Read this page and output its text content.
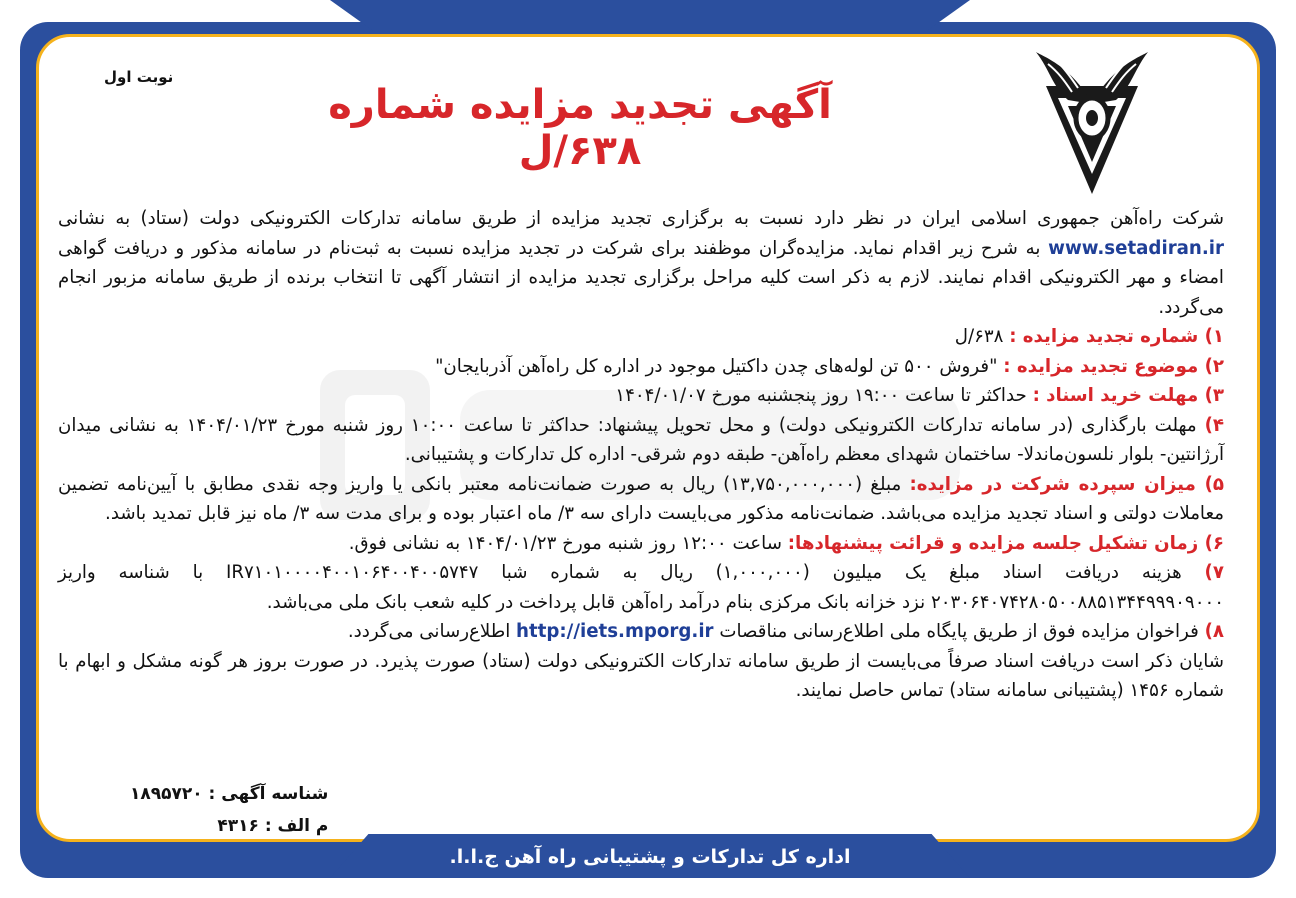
نوبت اول
آگهی تجدید مزایده شماره ۶۳۸/ل

شرکت راه‌آهن جمهوری اسلامی ایران در نظر دارد نسبت به برگزاری تجدید مزایده از طریق سامانه تدارکات الکترونیکی دولت (ستاد) به نشانی www.setadiran.ir به شرح زیر اقدام نماید. مزایده‌گران موظفند برای شرکت در تجدید مزایده نسبت به ثبت‌نام در سامانه مذکور و دریافت گواهی امضاء و مهر الکترونیکی اقدام نمایند. لازم به ذکر است کلیه مراحل برگزاری تجدید مزایده از انتشار آگهی تا انتخاب برنده از طریق سامانه مزبور انجام می‌گردد.

۱) شماره تجدید مزایده : ۶۳۸/ل

۲) موضوع تجدید مزایده : "فروش ۵۰۰ تن لوله‌های چدن داکتیل موجود در اداره کل راه‌آهن آذربایجان"

۳) مهلت خرید اسناد : حداکثر تا ساعت ۱۹:۰۰ روز پنجشنبه مورخ ۱۴۰۴/۰۱/۰۷

۴) مهلت بارگذاری (در سامانه تدارکات الکترونیکی دولت) و محل تحویل پیشنهاد: حداکثر تا ساعت ۱۰:۰۰ روز شنبه مورخ ۱۴۰۴/۰۱/۲۳ به نشانی میدان آرژانتین- بلوار نلسون‌ماندلا- ساختمان شهدای معظم راه‌آهن- طبقه دوم شرقی- اداره کل تدارکات و پشتیبانی.

۵) میزان سپرده شرکت در مزایده: مبلغ (۱۳,۷۵۰,۰۰۰,۰۰۰) ریال به صورت ضمانت‌نامه معتبر بانکی یا واریز وجه نقدی مطابق با آیین‌نامه تضمین معاملات دولتی و اسناد تجدید مزایده می‌باشد. ضمانت‌نامه مذکور می‌بایست دارای سه ۳/ ماه اعتبار بوده و برای مدت سه ۳/ ماه نیز قابل تمدید باشد.

۶) زمان تشکیل جلسه مزایده و قرائت پیشنهادها: ساعت ۱۲:۰۰ روز شنبه مورخ ۱۴۰۴/۰۱/۲۳ به نشانی فوق.

۷) هزینه دریافت اسناد مبلغ یک میلیون (۱,۰۰۰,۰۰۰) ریال به شماره شبا IR۷۱۰۱۰۰۰۰۴۰۰۱۰۶۴۰۰۴۰۰۵۷۴۷ با شناسه واریز ۲۰۳۰۶۴۰۷۴۲۸۰۵۰۰۸۸۵۱۳۴۴۹۹۹۰۹۰۰۰ نزد خزانه بانک مرکزی بنام درآمد راه‌آهن قابل پرداخت در کلیه شعب بانک ملی می‌باشد.

۸) فراخوان مزایده فوق از طریق پایگاه ملی اطلاع‌رسانی مناقصات http://iets.mporg.ir اطلاع‌رسانی می‌گردد.

شایان ذکر است دریافت اسناد صرفاً می‌بایست از طریق سامانه تدارکات الکترونیکی دولت (ستاد) صورت پذیرد. در صورت بروز هر گونه مشکل و ابهام با شماره ۱۴۵۶ (پشتیبانی سامانه ستاد) تماس حاصل نمایند.

شناسه آگهی : ۱۸۹۵۷۲۰
م الف : ۴۳۱۶
اداره کل تدارکات و پشتیبانی راه آهن ج.ا.ا.
